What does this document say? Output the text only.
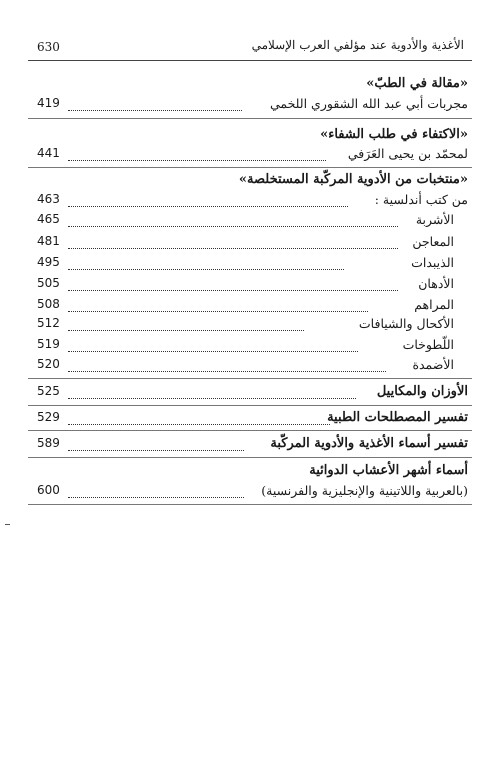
630	الأغذية والأدوية عند مؤلفي العرب الإسلامي
«مقالة في الطبّ»
419	مجربات أبي عبد الله الشقوري اللخمي
«الاكتفاء في طلب الشفاء»
441	لمحمّد بن يحيى العَرَفي
«منتخبات من الأدوية المركّبة المستخلصة»
463	من كتب أندلسية :
465	الأشربة
481	المعاجن
495	الذيبدات
505	الأدهان
508	المراهم
512	الأكحال والشيافات
519	اللّطوخات
520	الأضمدة
525	الأوزان والمكاييل
529	تفسير المصطلحات الطبية
589	تفسير أسماء الأغذية والأدوية المركّبة
أسماء أشهر الأعشاب الدوائية
600	(بالعربية واللاتينية والإنجليزية والفرنسية)
